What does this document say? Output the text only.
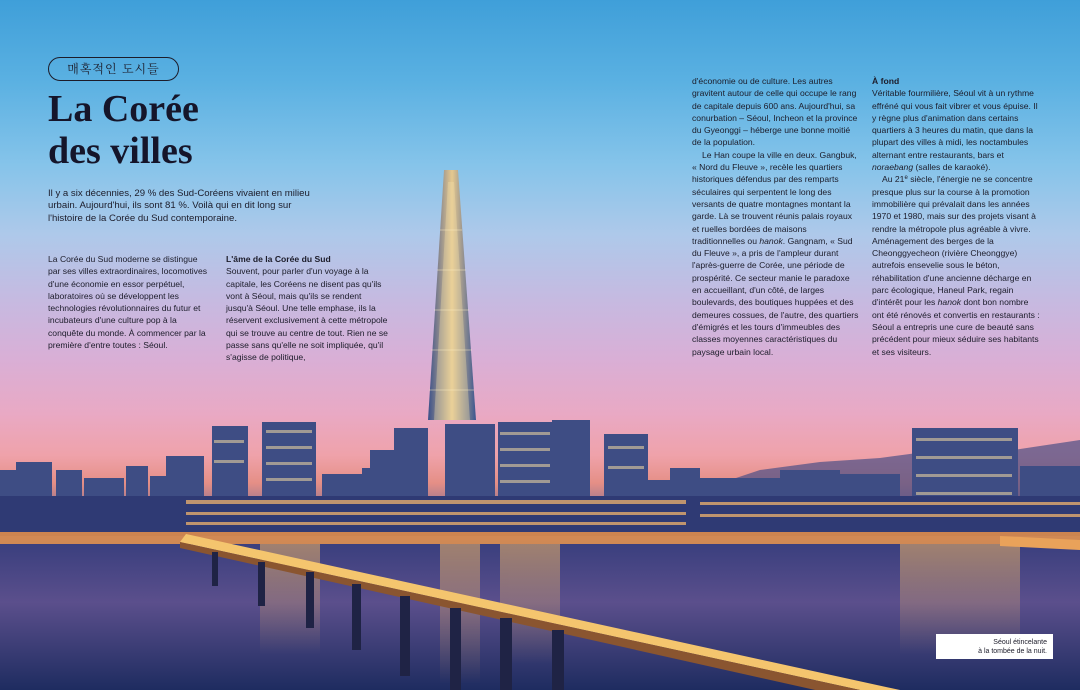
매혹적인 도시들
La Corée
des villes

Il y a six décennies, 29 % des Sud-Coréens vivaient en milieu urbain. Aujourd'hui, ils sont 81 %. Voilà qui en dit long sur l'histoire de la Corée du Sud contemporaine.

La Corée du Sud moderne se distingue par ses villes extraordinaires, locomotives d'une économie en essor perpétuel, laboratoires où se développent les technologies révolutionnaires du futur et incubateurs d'une culture pop à la conquête du monde. À commencer par la première d'entre toutes : Séoul.

L'âme de la Corée du Sud

Souvent, pour parler d'un voyage à la capitale, les Coréens ne disent pas qu'ils vont à Séoul, mais qu'ils se rendent jusqu'à Séoul. Une telle emphase, ils la réservent exclusivement à cette métropole qui se trouve au centre de tout. Rien ne se passe sans qu'elle ne soit impliquée, qu'il s'agisse de politique,

d'économie ou de culture. Les autres gravitent autour de celle qui occupe le rang de capitale depuis 600 ans. Aujourd'hui, sa conurbation – Séoul, Incheon et la province du Gyeonggi – héberge une bonne moitié de la population.

Le Han coupe la ville en deux. Gangbuk, « Nord du Fleuve », recèle les quartiers historiques défendus par des remparts séculaires qui serpentent le long des versants de quatre montagnes montant la garde. Là se trouvent réunis palais royaux et ruelles bordées de maisons traditionnelles ou hanok. Gangnam, « Sud du Fleuve », a pris de l'ampleur durant l'après-guerre de Corée, une période de prospérité. Ce secteur manie le paradoxe en accueillant, d'un côté, de larges boulevards, des boutiques huppées et des demeures cossues, de l'autre, des quartiers d'émigrés et les tours d'immeubles des classes moyennes caractéristiques du paysage urbain local.

À fond

Véritable fourmilière, Séoul vit à un rythme effréné qui vous fait vibrer et vous épuise. Il y règne plus d'animation dans certains quartiers à 3 heures du matin, que dans la plupart des villes à midi, les noctambules alternant entre restaurants, bars et noraebang (salles de karaoké).

Au 21e siècle, l'énergie ne se concentre presque plus sur la course à la promotion immobilière qui prévalait dans les années 1970 et 1980, mais sur des projets visant à rendre la métropole plus agréable à vivre. Aménagement des berges de la Cheonggyecheon (rivière Cheonggye) autrefois ensevelie sous le béton, réhabilitation d'une ancienne décharge en parc écologique, Haneul Park, regain d'intérêt pour les hanok dont bon nombre ont été rénovés et convertis en restaurants : Séoul a entrepris une cure de beauté sans précédent pour mieux séduire ses habitants et ses visiteurs.

Séoul étincelante
à la tombée de la nuit.
